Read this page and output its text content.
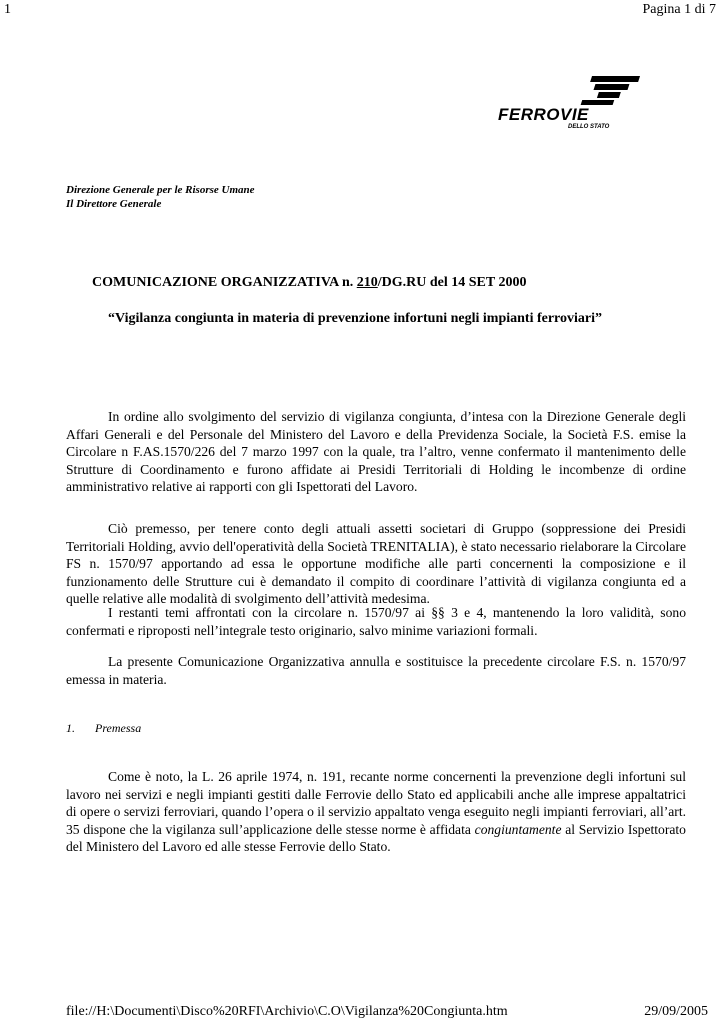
1	Pagina 1 di 7
FERROVIE
DELLO STATO
Direzione Generale per le Risorse Umane
Il Direttore Generale
COMUNICAZIONE ORGANIZZATIVA n. 210/DG.RU del 14 SET 2000
“Vigilanza congiunta in materia di prevenzione infortuni negli impianti ferroviari”

In ordine allo svolgimento del servizio di vigilanza congiunta, d’intesa con la Direzione Generale degli Affari Generali e del Personale del Ministero del Lavoro e della Previdenza Sociale, la Società F.S. emise la Circolare n F.AS.1570/226 del 7 marzo 1997 con la quale, tra l’altro, venne confermato il mantenimento delle Strutture di Coordinamento e furono affidate ai Presidi Territoriali di Holding le incombenze di ordine amministrativo relative ai rapporti con gli Ispettorati del Lavoro.

Ciò premesso, per tenere conto degli attuali assetti societari di Gruppo (soppressione dei Presidi Territoriali Holding, avvio dell'operatività della Società TRENITALIA), è stato necessario rielaborare la Circolare FS n. 1570/97 apportando ad essa le opportune modifiche alle parti concernenti la composizione e il funzionamento delle Strutture cui è demandato il compito di coordinare l’attività di vigilanza congiunta ed a quelle relative alle modalità di svolgimento dell’attività medesima.

I restanti temi affrontati con la circolare n. 1570/97 ai §§ 3 e 4, mantenendo la loro validità, sono confermati e riproposti nell’integrale testo originario, salvo minime variazioni formali.

La presente Comunicazione Organizzativa annulla e sostituisce la precedente circolare F.S. n. 1570/97 emessa in materia.

1. Premessa

Come è noto, la L. 26 aprile 1974, n. 191, recante norme concernenti la prevenzione degli infortuni sul lavoro nei servizi e negli impianti gestiti dalle Ferrovie dello Stato ed applicabili anche alle imprese appaltatrici di opere o servizi ferroviari, quando l’opera o il servizio appaltato venga eseguito negli impianti ferroviari, all’art. 35 dispone che la vigilanza sull’applicazione delle stesse norme è affidata congiuntamente al Servizio Ispettorato del Ministero del Lavoro ed alle stesse Ferrovie dello Stato.

file://H:\Documenti\Disco%20RFI\Archivio\C.O\Vigilanza%20Congiunta.htm	29/09/2005
